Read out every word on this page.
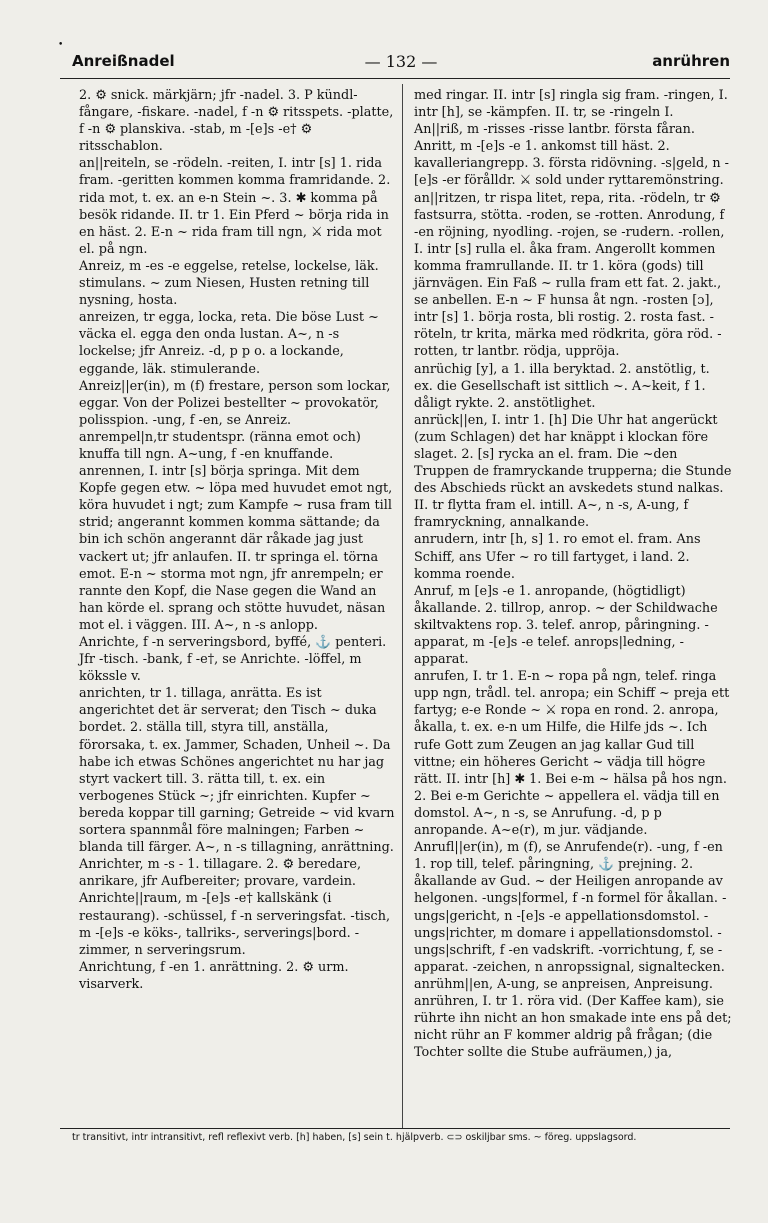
•
Anreißnadel	— 132 —	anrühren

2. ⚙ snick. märkjärn; jfr -nadel. 3. P kündl-fångare, -fiskare. -nadel, f -n ⚙ ritsspets. -platte, f -n ⚙ planskiva. -stab, m -[e]s -e† ⚙ ritsschablon.

an||reiteln, se -rödeln. -reiten, I. intr [s] 1. rida fram. -geritten kommen komma framridande. 2. rida mot, t. ex. an e-n Stein ~. 3. ✱ komma på besök ridande. II. tr 1. Ein Pferd ~ börja rida in en häst. 2. E-n ~ rida fram till ngn, ⚔ rida mot el. på ngn.

Anreiz, m -es -e eggelse, retelse, lockelse, läk. stimulans. ~ zum Niesen, Husten retning till nysning, hosta.

anreizen, tr egga, locka, reta. Die böse Lust ~ väcka el. egga den onda lustan. A~, n -s lockelse; jfr Anreiz. -d, p p o. a lockande, eggande, läk. stimulerande.

Anreiz||er(in), m (f) frestare, person som lockar, eggar. Von der Polizei bestellter ~ provokatör, polisspion. -ung, f -en, se Anreiz.

anrempel|n,tr studentspr. (ränna emot och) knuffa till ngn. A~ung, f -en knuffande.

anrennen, I. intr [s] börja springa. Mit dem Kopfe gegen etw. ~ löpa med huvudet emot ngt, köra huvudet i ngt; zum Kampfe ~ rusa fram till strid; angerannt kommen komma sättande; da bin ich schön angerannt där råkade jag just vackert ut; jfr anlaufen. II. tr springa el. törna emot. E-n ~ storma mot ngn, jfr anrempeln; er rannte den Kopf, die Nase gegen die Wand an han körde el. sprang och stötte huvudet, näsan mot el. i väggen. III. A~, n -s anlopp.

Anrichte, f -n serveringsbord, byffé, ⚓ penteri. Jfr -tisch. -bank, f -e†, se Anrichte. -löffel, m kökssle v.

anrichten, tr 1. tillaga, anrätta. Es ist angerichtet det är serverat; den Tisch ~ duka bordet. 2. ställa till, styra till, anställa, förorsaka, t. ex. Jammer, Schaden, Unheil ~. Da habe ich etwas Schönes angerichtet nu har jag styrt vackert till. 3. rätta till, t. ex. ein verbogenes Stück ~; jfr einrichten. Kupfer ~ bereda koppar till garning; Getreide ~ vid kvarn sortera spannmål före malningen; Farben ~ blanda till färger. A~, n -s tillagning, anrättning.

Anrichter, m -s - 1. tillagare. 2. ⚙ beredare, anrikare, jfr Aufbereiter; provare, vardein.

Anrichte||raum, m -[e]s -e† kallskänk (i restaurang). -schüssel, f -n serveringsfat. -tisch, m -[e]s -e köks-, tallriks-, serverings|bord. -zimmer, n serveringsrum.

Anrichtung, f -en 1. anrättning. 2. ⚙ urm. visarverk.

med ringar. II. intr [s] ringla sig fram. -ringen, I. intr [h], se -kämpfen. II. tr, se -ringeln I.

An||riß, m -risses -risse lantbr. första fåran.

Anritt, m -[e]s -e 1. ankomst till häst. 2. kavalleriangrepp. 3. första ridövning. -s|geld, n -[e]s -er förålldr. ⚔ sold under ryttaremönstring.

an||ritzen, tr rispa litet, repa, rita. -rödeln, tr ⚙ fastsurra, stötta. -roden, se -rotten. Anrodung, f -en röjning, nyodling. -rojen, se -rudern. -rollen, I. intr [s] rulla el. åka fram. Angerollt kommen komma framrullande. II. tr 1. köra (gods) till järnvägen. Ein Faß ~ rulla fram ett fat. 2. jakt., se anbellen. E-n ~ F hunsa åt ngn. -rosten [ɔ], intr [s] 1. börja rosta, bli rostig. 2. rosta fast. -röteln, tr krita, märka med rödkrita, göra röd. -rotten, tr lantbr. rödja, uppröja.

anrüchig [y], a 1. illa beryktad. 2. anstötlig, t. ex. die Gesellschaft ist sittlich ~. A~keit, f 1. dåligt rykte. 2. anstötlighet.

anrück||en, I. intr 1. [h] Die Uhr hat angerückt (zum Schlagen) det har knäppt i klockan före slaget. 2. [s] rycka an el. fram. Die ~den Truppen de framryckande trupperna; die Stunde des Abschieds rückt an avskedets stund nalkas. II. tr flytta fram el. intill. A~, n -s, A-ung, f framryckning, annalkande.

anrudern, intr [h, s] 1. ro emot el. fram. Ans Schiff, ans Ufer ~ ro till fartyget, i land. 2. komma roende.

Anruf, m [e]s -e 1. anropande, (högtidligt) åkallande. 2. tillrop, anrop. ~ der Schildwache skiltvaktens rop. 3. telef. anrop, påringning. -apparat, m -[e]s -e telef. anrops|ledning, -apparat.

anrufen, I. tr 1. E-n ~ ropa på ngn, telef. ringa upp ngn, trådl. tel. anropa; ein Schiff ~ preja ett fartyg; e-e Ronde ~ ⚔ ropa en rond. 2. anropa, åkalla, t. ex. e-n um Hilfe, die Hilfe jds ~. Ich rufe Gott zum Zeugen an jag kallar Gud till vittne; ein höheres Gericht ~ vädja till högre rätt. II. intr [h] ✱ 1. Bei e-m ~ hälsa på hos ngn. 2. Bei e-m Gerichte ~ appellera el. vädja till en domstol. A~, n -s, se Anrufung. -d, p p anropande. A~e(r), m jur. vädjande.

Anrufl||er(in), m (f), se Anrufende(r). -ung, f -en 1. rop till, telef. påringning, ⚓ prejning. 2. åkallande av Gud. ~ der Heiligen anropande av helgonen. -ungs|formel, f -n formel för åkallan. -ungs|gericht, n -[e]s -e appellationsdomstol. -ungs|richter, m domare i appellationsdomstol. -ungs|schrift, f -en vadskrift. -vorrichtung, f, se -apparat. -zeichen, n anropssignal, signaltecken.

anrühm||en, A-ung, se anpreisen, Anpreisung.

anrühren, I. tr 1. röra vid. (Der Kaffee kam), sie rührte ihn nicht an hon smakade inte ens på det; nicht rühr an F kommer aldrig på frågan; (die Tochter sollte die Stube aufräumen,) ja,

tr transitivt, intr intransitivt, refl reflexivt verb. [h] haben, [s] sein t. hjälpverb. ⊂⊃ oskiljbar sms. ~ föreg. uppslagsord.
